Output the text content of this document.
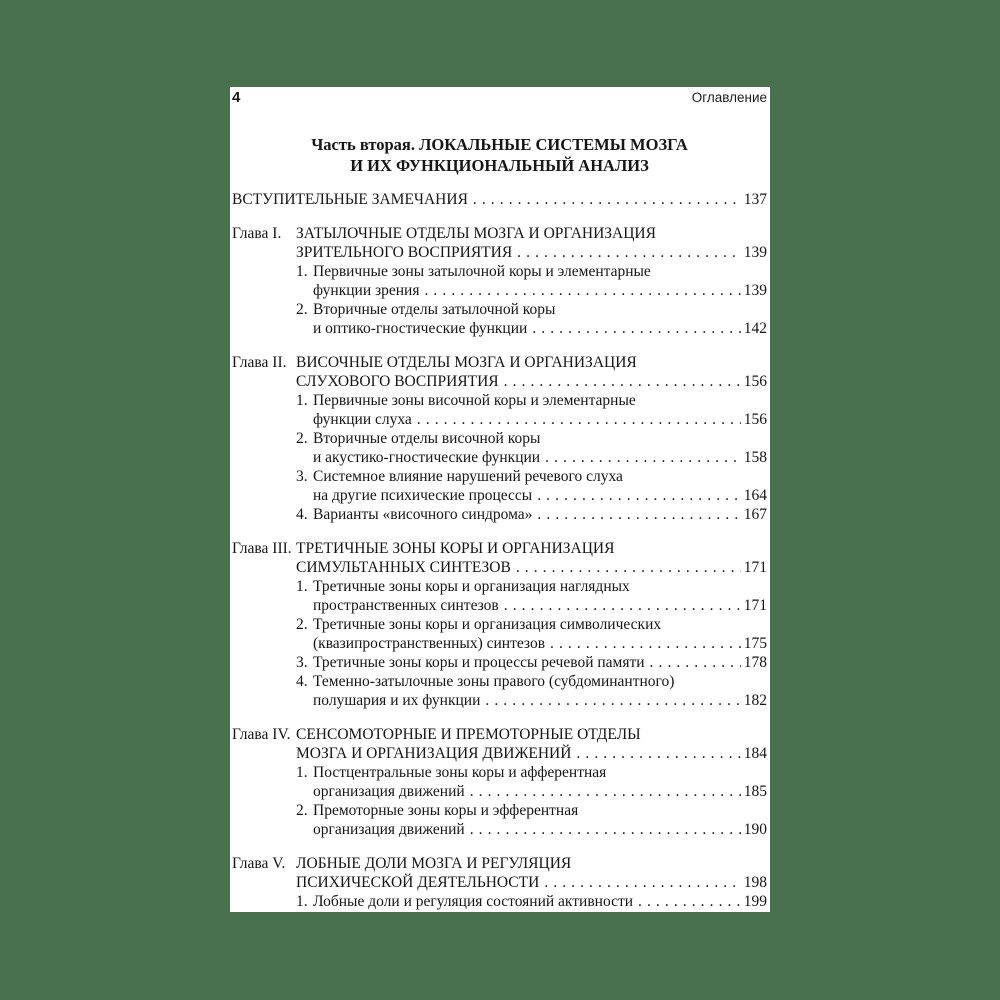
4	Оглавление
Часть вторая. ЛОКАЛЬНЫЕ СИСТЕМЫ МОЗГА
И ИХ ФУНКЦИОНАЛЬНЫЙ АНАЛИЗ
ВСТУПИТЕЛЬНЫЕ ЗАМЕЧАНИЯ . . .	137
Глава I. ЗАТЫЛОЧНЫЕ ОТДЕЛЫ МОЗГА И ОРГАНИЗАЦИЯ
ЗРИТЕЛЬНОГО ВОСПРИЯТИЯ . . .	139
1. Первичные зоны затылочной коры и элементарные
функции зрения . . .	139
2. Вторичные отделы затылочной коры
и оптико-гностические функции . . .	142
Глава II. ВИСОЧНЫЕ ОТДЕЛЫ МОЗГА И ОРГАНИЗАЦИЯ
СЛУХОВОГО ВОСПРИЯТИЯ . . .	156
1. Первичные зоны височной коры и элементарные
функции слуха . . .	156
2. Вторичные отделы височной коры
и акустико-гностические функции . . .	158
3. Системное влияние нарушений речевого слуха
на другие психические процессы . . .	164
4. Варианты «височного синдрома» . . .	167
Глава III. ТРЕТИЧНЫЕ ЗОНЫ КОРЫ И ОРГАНИЗАЦИЯ
СИМУЛЬТАННЫХ СИНТЕЗОВ . . .	171
1. Третичные зоны коры и организация наглядных
пространственных синтезов . . .	171
2. Третичные зоны коры и организация символических
(квазипространственных) синтезов . . .	175
3. Третичные зоны коры и процессы речевой памяти . . .	178
4. Теменно-затылочные зоны правого (субдоминантного)
полушария и их функции . . .	182
Глава IV. СЕНСОМОТОРНЫЕ И ПРЕМОТОРНЫЕ ОТДЕЛЫ
МОЗГА И ОРГАНИЗАЦИЯ ДВИЖЕНИЙ . . .	184
1. Постцентральные зоны коры и афферентная
организация движений . . .	185
2. Премоторные зоны коры и эфферентная
организация движений . . .	190
Глава V. ЛОБНЫЕ ДОЛИ МОЗГА И РЕГУЛЯЦИЯ
ПСИХИЧЕСКОЙ ДЕЯТЕЛЬНОСТИ . . .	198
1. Лобные доли и регуляция состояний активности . . .	199
